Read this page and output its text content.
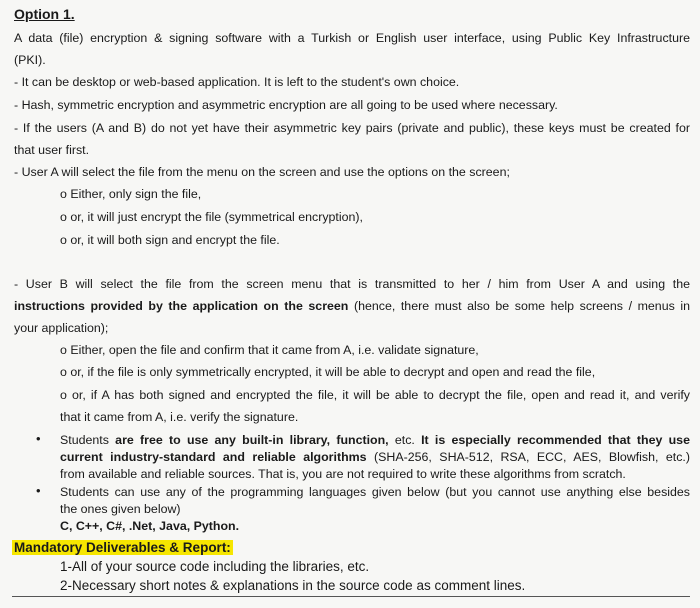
Option 1.
A data (file) encryption & signing software with a Turkish or English user interface, using Public Key Infrastructure
(PKI).
- It can be desktop or web-based application. It is left to the student's own choice.
- Hash, symmetric encryption and asymmetric encryption are all going to be used where necessary.
- If the users (A and B) do not yet have their asymmetric key pairs (private and public), these keys must be created for
that user first.
- User A will select the file from the menu on the screen and use the options on the screen;
o Either, only sign the file,
o or, it will just encrypt the file (symmetrical encryption),
o or, it will both sign and encrypt the file.
- User B will select the file from the screen menu that is transmitted to her / him from User A and using the
instructions provided by the application on the screen (hence, there must also be some help screens / menus in
your application);
o Either, open the file and confirm that it came from A, i.e. validate signature,
o or, if the file is only symmetrically encrypted, it will be able to decrypt and open and read the file,
o or, if A has both signed and encrypted the file, it will be able to decrypt the file, open and read it, and verify
that it came from A, i.e. verify the signature.
• Students are free to use any built-in library, function, etc. It is especially recommended that they use
current industry-standard and reliable algorithms (SHA-256, SHA-512, RSA, ECC, AES, Blowfish, etc.)
from available and reliable sources. That is, you are not required to write these algorithms from scratch.
• Students can use any of the programming languages given below (but you cannot use anything else besides
the ones given below)
C, C++, C#, .Net, Java, Python.
Mandatory Deliverables & Report:
1-All of your source code including the libraries, etc.
2-Necessary short notes & explanations in the source code as comment lines.
